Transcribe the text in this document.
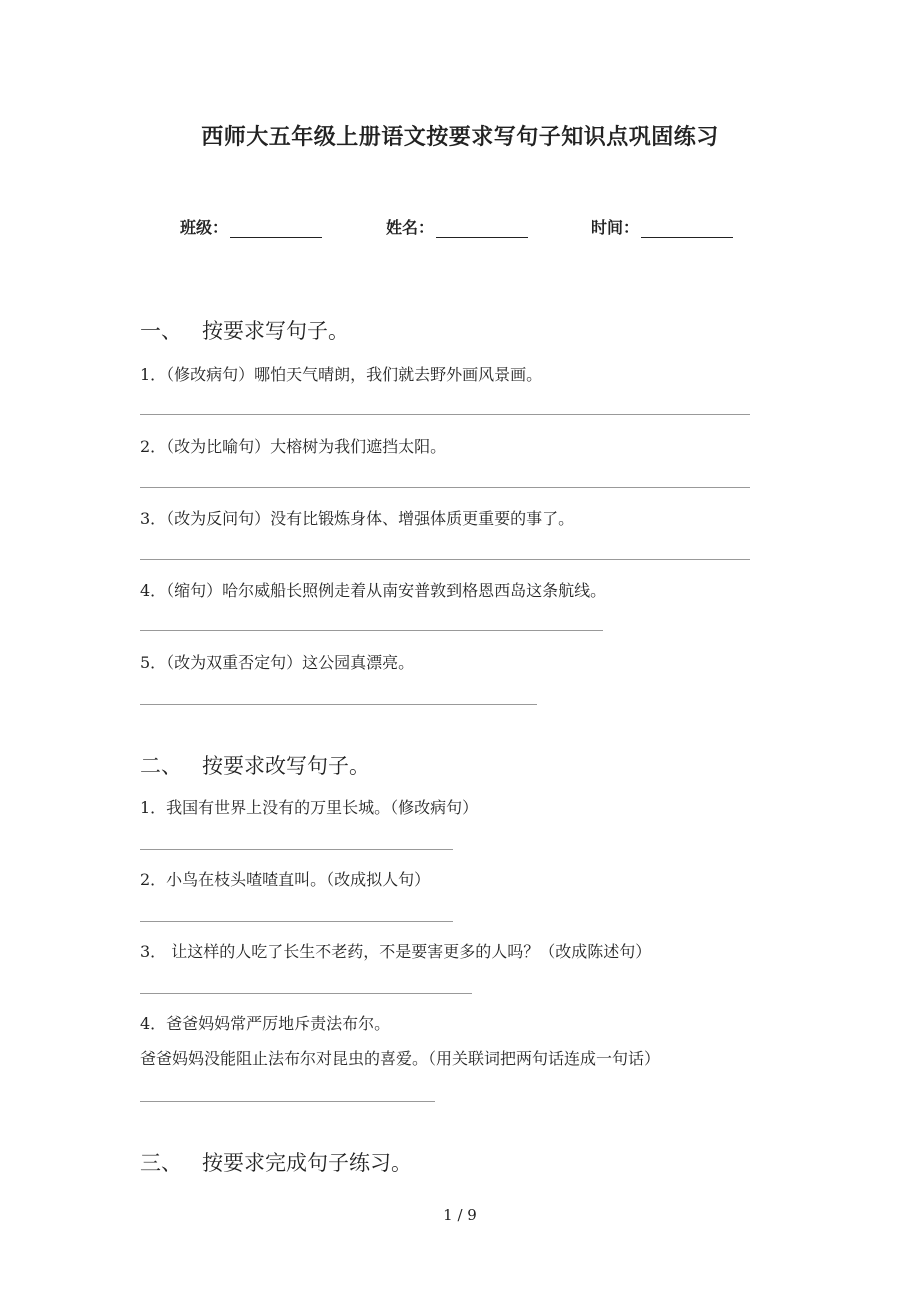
西师大五年级上册语文按要求写句子知识点巩固练习
班级：	姓名：	时间：
一、 按要求写句子。
1．（修改病句）哪怕天气晴朗，我们就去野外画风景画。
2．（改为比喻句）大榕树为我们遮挡太阳。
3．（改为反问句）没有比锻炼身体、增强体质更重要的事了。
4．（缩句）哈尔威船长照例走着从南安普敦到格恩西岛这条航线。
5．（改为双重否定句）这公园真漂亮。
二、 按要求改写句子。
1．我国有世界上没有的万里长城。（修改病句）
2．小鸟在枝头喳喳直叫。（改成拟人句）
3． 让这样的人吃了长生不老药，不是要害更多的人吗？（改成陈述句）
4．爸爸妈妈常严厉地斥责法布尔。
爸爸妈妈没能阻止法布尔对昆虫的喜爱。（用关联词把两句话连成一句话）
三、 按要求完成句子练习。
1 / 9
